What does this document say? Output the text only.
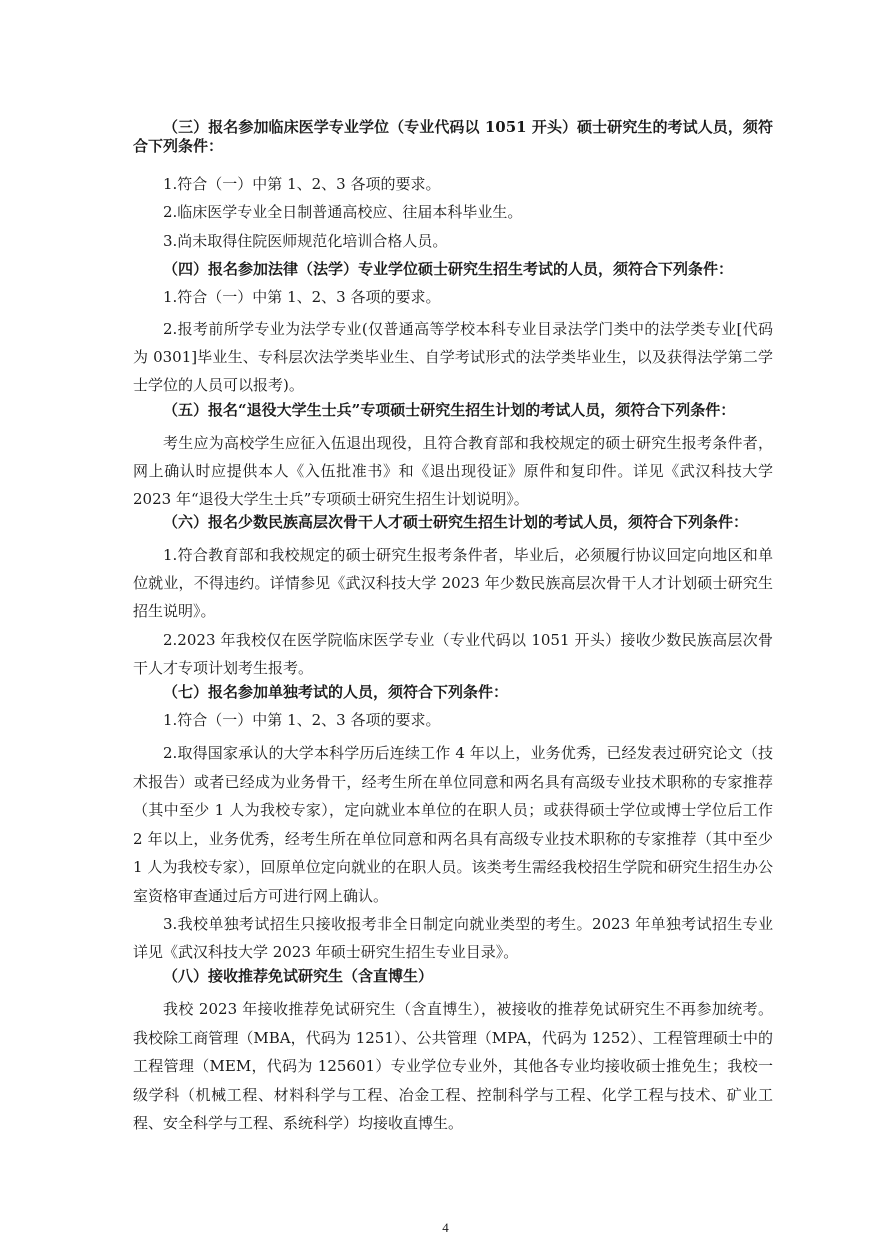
（三）报名参加临床医学专业学位（专业代码以 1051 开头）硕士研究生的考试人员，须符合下列条件：

1.符合（一）中第 1、2、3 各项的要求。

2.临床医学专业全日制普通高校应、往届本科毕业生。

3.尚未取得住院医师规范化培训合格人员。

（四）报名参加法律（法学）专业学位硕士研究生招生考试的人员，须符合下列条件：

1.符合（一）中第 1、2、3 各项的要求。

2.报考前所学专业为法学专业(仅普通高等学校本科专业目录法学门类中的法学类专业[代码为 0301]毕业生、专科层次法学类毕业生、自学考试形式的法学类毕业生，以及获得法学第二学士学位的人员可以报考)。

（五）报名“退役大学生士兵”专项硕士研究生招生计划的考试人员，须符合下列条件：

考生应为高校学生应征入伍退出现役，且符合教育部和我校规定的硕士研究生报考条件者，网上确认时应提供本人《入伍批准书》和《退出现役证》原件和复印件。详见《武汉科技大学 2023 年“退役大学生士兵”专项硕士研究生招生计划说明》。

（六）报名少数民族高层次骨干人才硕士研究生招生计划的考试人员，须符合下列条件：

1.符合教育部和我校规定的硕士研究生报考条件者，毕业后，必须履行协议回定向地区和单位就业，不得违约。详情参见《武汉科技大学 2023 年少数民族高层次骨干人才计划硕士研究生招生说明》。

2.2023 年我校仅在医学院临床医学专业（专业代码以 1051 开头）接收少数民族高层次骨干人才专项计划考生报考。

（七）报名参加单独考试的人员，须符合下列条件：

1.符合（一）中第 1、2、3 各项的要求。

2.取得国家承认的大学本科学历后连续工作 4 年以上，业务优秀，已经发表过研究论文（技术报告）或者已经成为业务骨干，经考生所在单位同意和两名具有高级专业技术职称的专家推荐（其中至少 1 人为我校专家），定向就业本单位的在职人员；或获得硕士学位或博士学位后工作 2 年以上，业务优秀，经考生所在单位同意和两名具有高级专业技术职称的专家推荐（其中至少 1 人为我校专家），回原单位定向就业的在职人员。该类考生需经我校招生学院和研究生招生办公室资格审查通过后方可进行网上确认。

3.我校单独考试招生只接收报考非全日制定向就业类型的考生。2023 年单独考试招生专业详见《武汉科技大学 2023 年硕士研究生招生专业目录》。

（八）接收推荐免试研究生（含直博生）

我校 2023 年接收推荐免试研究生（含直博生），被接收的推荐免试研究生不再参加统考。我校除工商管理（MBA，代码为 1251）、公共管理（MPA，代码为 1252）、工程管理硕士中的工程管理（MEM，代码为 125601）专业学位专业外，其他各专业均接收硕士推免生；我校一级学科（机械工程、材料科学与工程、冶金工程、控制科学与工程、化学工程与技术、矿业工程、安全科学与工程、系统科学）均接收直博生。

4
